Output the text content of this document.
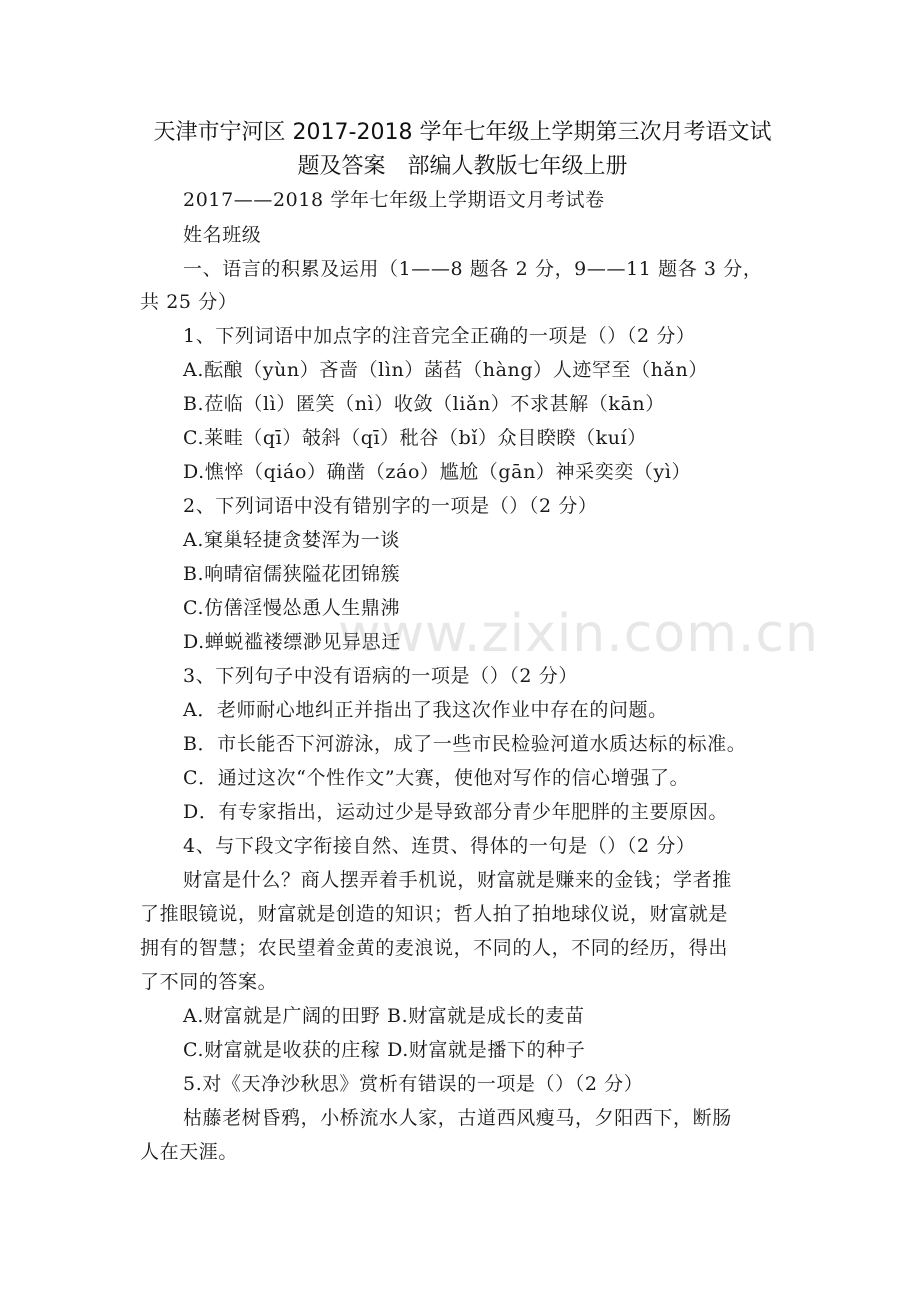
天津市宁河区 2017-2018 学年七年级上学期第三次月考语文试
题及答案　部编人教版七年级上册
2017——2018 学年七年级上学期语文月考试卷
姓名班级
一、语言的积累及运用（1——8 题各 2 分，9——11 题各 3 分，
共 25 分）
1、下列词语中加点字的注音完全正确的一项是（）（2 分）
A.酝酿（yùn）吝啬（lìn）菡萏（hàng）人迹罕至（hǎn）
B.莅临（lì）匿笑（nì）收敛（liǎn）不求甚解（kān）
C.莱畦（qī）攲斜（qī）秕谷（bǐ）众目睽睽（kuí）
D.憔悴（qiáo）确凿（záo）尴尬（gān）神采奕奕（yì）
2、下列词语中没有错别字的一项是（）（2 分）
A.窠巢轻捷贪婪浑为一谈
B.响晴宿儒狭隘花团锦簇
C.仿僐淫慢怂恿人生鼎沸
D.蝉蜕褴褛缥渺见异思迁
3、下列句子中没有语病的一项是（）（2 分）
A．老师耐心地纠正并指出了我这次作业中存在的问题。
B．市长能否下河游泳，成了一些市民检验河道水质达标的标准。
C．通过这次“个性作文”大赛，使他对写作的信心增强了。
D．有专家指出，运动过少是导致部分青少年肥胖的主要原因。
4、与下段文字衔接自然、连贯、得体的一句是（）（2 分）
财富是什么？商人摆弄着手机说，财富就是赚来的金钱；学者推
了推眼镜说，财富就是创造的知识；哲人拍了拍地球仪说，财富就是
拥有的智慧；农民望着金黄的麦浪说，不同的人，不同的经历，得出
了不同的答案。
A.财富就是广阔的田野 B.财富就是成长的麦苗
C.财富就是收获的庄稼 D.财富就是播下的种子
5.对《天净沙秋思》赏析有错误的一项是（）（2 分）
枯藤老树昏鸦，小桥流水人家，古道西风瘦马，夕阳西下，断肠
人在天涯。
www.zixin.com.cn
